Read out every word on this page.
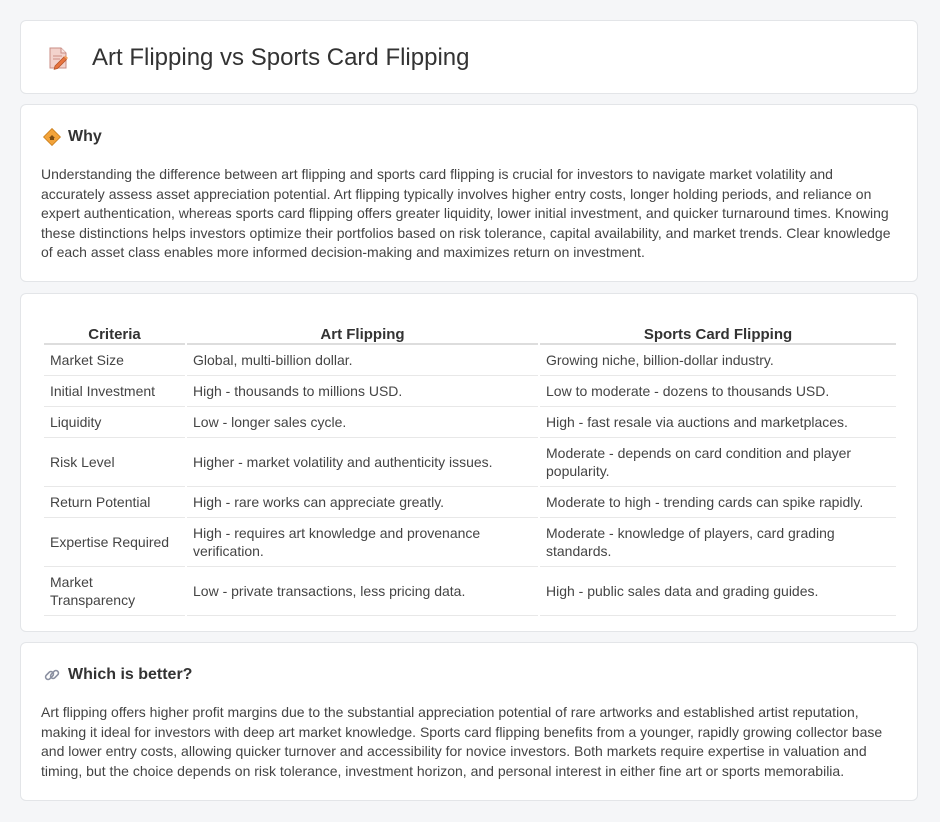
Art Flipping vs Sports Card Flipping
Why

Understanding the difference between art flipping and sports card flipping is crucial for investors to navigate market volatility and accurately assess asset appreciation potential. Art flipping typically involves higher entry costs, longer holding periods, and reliance on expert authentication, whereas sports card flipping offers greater liquidity, lower initial investment, and quicker turnaround times. Knowing these distinctions helps investors optimize their portfolios based on risk tolerance, capital availability, and market trends. Clear knowledge of each asset class enables more informed decision-making and maximizes return on investment.

Criteria	Art Flipping	Sports Card Flipping
Market Size	Global, multi-billion dollar.	Growing niche, billion-dollar industry.
Initial Investment	High - thousands to millions USD.	Low to moderate - dozens to thousands USD.
Liquidity	Low - longer sales cycle.	High - fast resale via auctions and marketplaces.
Risk Level	Higher - market volatility and authenticity issues.	Moderate - depends on card condition and player popularity.
Return Potential	High - rare works can appreciate greatly.	Moderate to high - trending cards can spike rapidly.
Expertise Required	High - requires art knowledge and provenance verification.	Moderate - knowledge of players, card grading standards.
Market Transparency	Low - private transactions, less pricing data.	High - public sales data and grading guides.
Which is better?

Art flipping offers higher profit margins due to the substantial appreciation potential of rare artworks and established artist reputation, making it ideal for investors with deep art market knowledge. Sports card flipping benefits from a younger, rapidly growing collector base and lower entry costs, allowing quicker turnover and accessibility for novice investors. Both markets require expertise in valuation and timing, but the choice depends on risk tolerance, investment horizon, and personal interest in either fine art or sports memorabilia.
